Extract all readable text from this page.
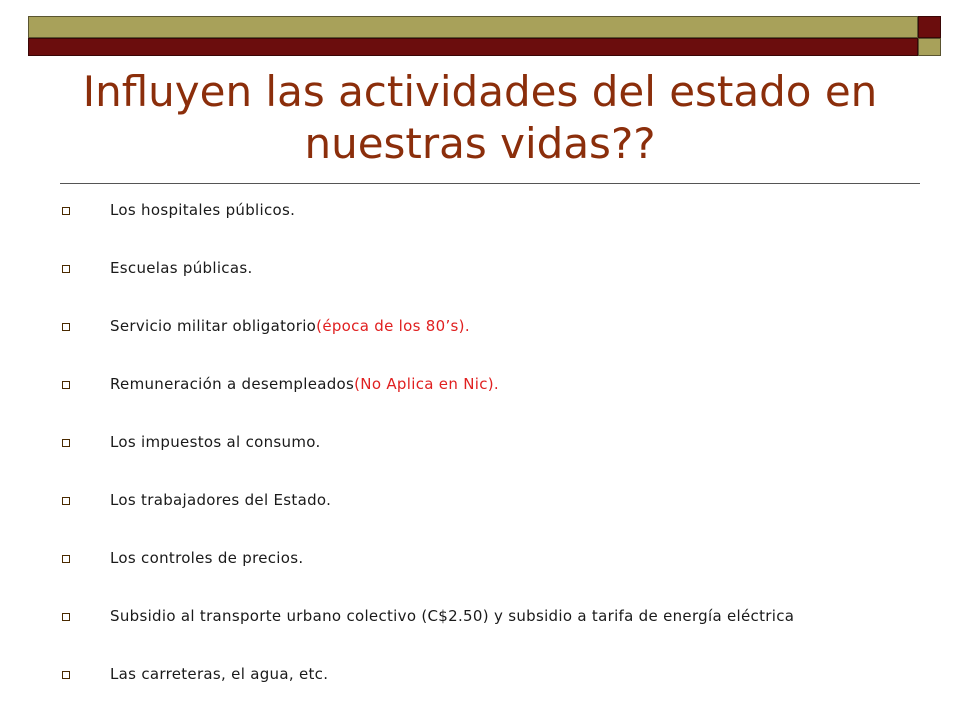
Influyen las actividades del estado en nuestras vidas??
Los hospitales públicos.
Escuelas públicas.
Servicio militar obligatorio (época de los 80’s).
Remuneración a desempleados (No Aplica en Nic).
Los impuestos al consumo.
Los trabajadores del Estado.
Los controles de precios.
Subsidio al transporte urbano colectivo (C$2.50) y subsidio a tarifa de energía eléctrica
Las carreteras, el agua, etc.
